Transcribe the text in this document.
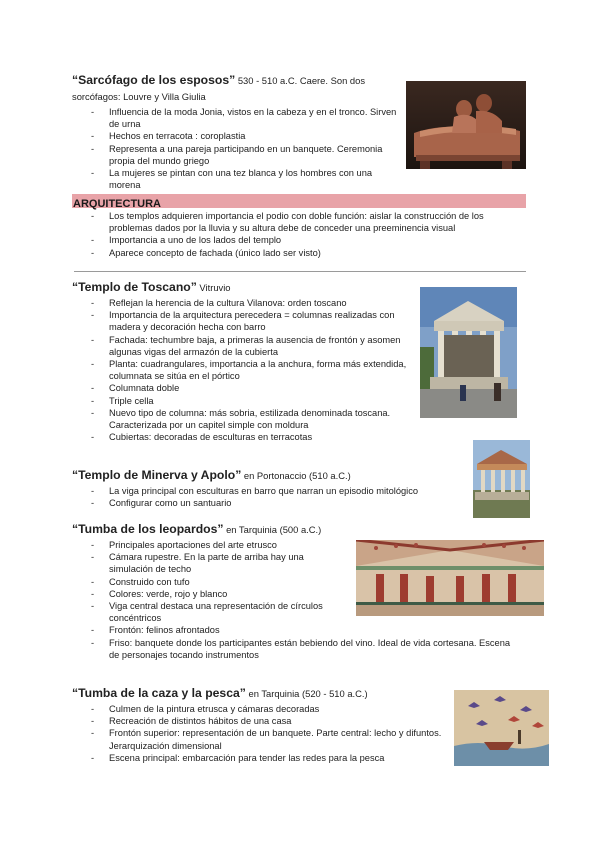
“Sarcófago de los esposos” 530 - 510 a.C. Caere. Son dos sorcófagos: Louvre y Villa Giulia
- Influencia de la moda Jonia, vistos en la cabeza y en el tronco. Sirven de urna
- Hechos en terracota : coroplastia
- Representa a una pareja participando en un banquete. Ceremonia propia del mundo griego
- La mujeres se pintan con una tez blanca y los hombres con una morena
ARQUITECTURA
- Los templos adquieren importancia el podio con doble función: aislar la construcción de los problemas dados por la lluvia y su altura debe de conceder una preeminencia visual
- Importancia a uno de los lados del templo
- Aparece concepto de fachada (único lado ser visto)
“Templo de Toscano” Vitruvio
- Reflejan la herencia de la cultura Vilanova: orden toscano
- Importancia de la arquitectura perecedera = columnas realizadas con madera y decoración hecha con barro
- Fachada: techumbre baja, a primeras la ausencia de frontón y asomen algunas vigas del armazón de la cubierta
- Planta: cuadrangulares, importancia a la anchura, forma más extendida, columnata se sitúa en el pórtico
- Columnata doble
- Triple cella
- Nuevo tipo de columna: más sobria, estilizada denominada toscana. Caracterizada por un capitel simple con moldura
- Cubiertas: decoradas de esculturas en terracotas
“Templo de Minerva y Apolo” en Portonaccio (510 a.C.)
- La viga principal con esculturas en barro que narran un episodio mitológico
- Configurar como un santuario
“Tumba de los leopardos” en Tarquinia (500 a.C.)
- Principales aportaciones del arte etrusco
- Cámara rupestre. En la parte de arriba hay una simulación de techo
- Construido con tufo
- Colores: verde, rojo y blanco
- Viga central destaca una representación de círculos concéntricos
- Frontón: felinos afrontados
- Friso: banquete donde los participantes están bebiendo del vino. Ideal de vida cortesana. Escena de personajes tocando instrumentos
“Tumba de la caza y la pesca” en Tarquinia (520 - 510 a.C.)
- Culmen de la pintura etrusca y cámaras decoradas
- Recreación de distintos hábitos de una casa
- Frontón superior: representación de un banquete. Parte central: lecho y difuntos. Jerarquización dimensional
- Escena principal: embarcación para tender las redes para la pesca
